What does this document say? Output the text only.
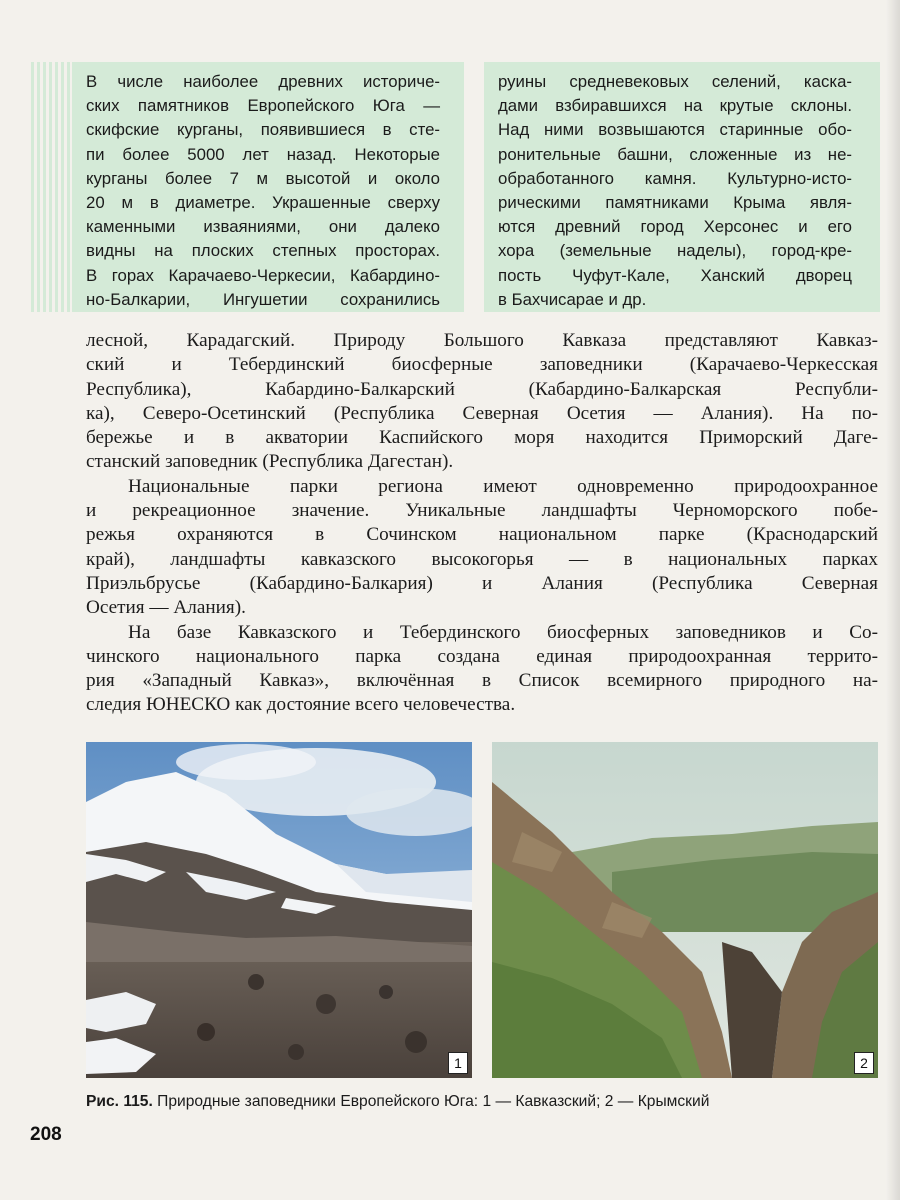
В числе наиболее древних историче-
ских памятников Европейского Юга —
скифские курганы, появившиеся в сте-
пи более 5000 лет назад. Некоторые
курганы более 7 м высотой и около
20 м в диаметре. Украшенные сверху
каменными изваяниями, они далеко
видны на плоских степных просторах.
В горах Карачаево-Черкесии, Кабардино-
но-Балкарии, Ингушетии сохранились
руины средневековых селений, каска-
дами взбиравшихся на крутые склоны.
Над ними возвышаются старинные обо-
ронительные башни, сложенные из не-
обработанного камня. Культурно-исто-
рическими памятниками Крыма явля-
ются древний город Херсонес и его
хора (земельные наделы), город-кре-
пость Чуфут-Кале, Ханский дворец
в Бахчисарае и др.
лесной, Карадагский. Природу Большого Кавказа представляют Кавказ-
ский и Тебердинский биосферные заповедники (Карачаево-Черкесская
Республика), Кабардино-Балкарский (Кабардино-Балкарская Республи-
ка), Северо-Осетинский (Республика Северная Осетия — Алания). На по-
бережье и в акватории Каспийского моря находится Приморский Даге-
станский заповедник (Республика Дагестан).
Национальные парки региона имеют одновременно природоохранное
и рекреационное значение. Уникальные ландшафты Черноморского побе-
режья охраняются в Сочинском национальном парке (Краснодарский
край), ландшафты кавказского высокогорья — в национальных парках
Приэльбрусье (Кабардино-Балкария) и Алания (Республика Северная
Осетия — Алания).
На базе Кавказского и Тебердинского биосферных заповедников и Со-
чинского национального парка создана единая природоохранная террито-
рия «Западный Кавказ», включённая в Список всемирного природного на-
следия ЮНЕСКО как достояние всего человечества.
1	2
Рис. 115. Природные заповедники Европейского Юга: 1 — Кавказский; 2 — Крымский
208
